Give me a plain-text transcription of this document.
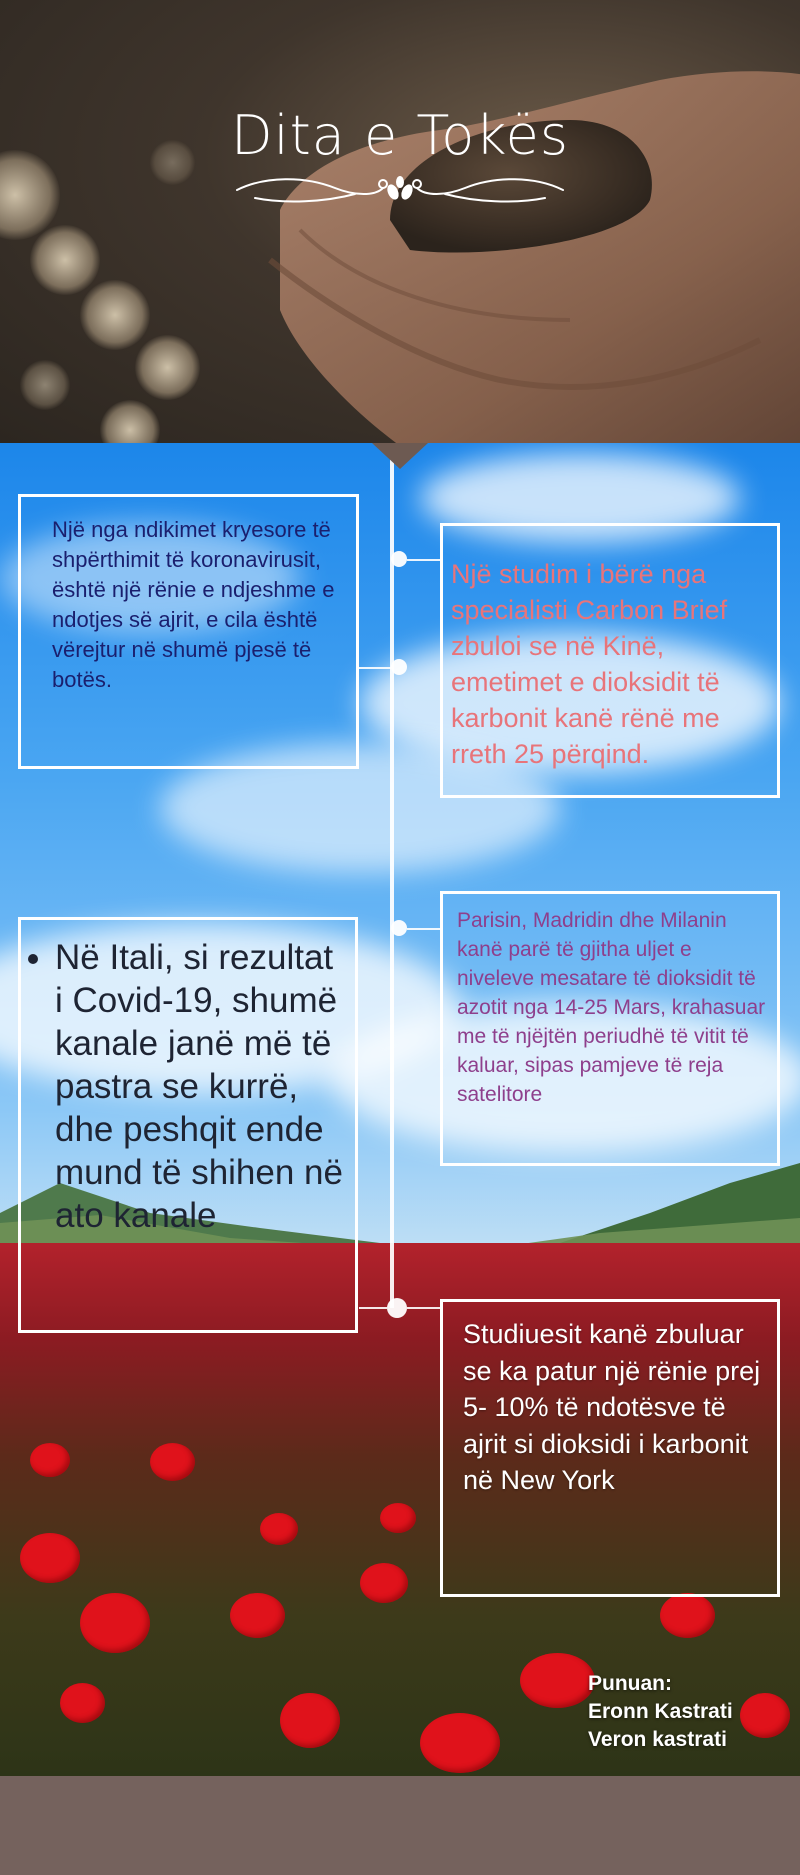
Dita e Tokës

Një nga ndikimet kryesore të shpërthimit të koronavirusit, është një rënie e ndjeshme e ndotjes së ajrit, e cila është vërejtur në shumë pjesë të botës.

Një studim i bërë nga specialisti Carbon Brief zbuloi se në Kinë, emetimet e dioksidit të karbonit kanë rënë me rreth 25 përqind.

• Në Itali, si rezultat i Covid-19, shumë kanale janë më të pastra se kurrë, dhe peshqit ende mund të shihen në ato kanale

Parisin, Madridin dhe Milanin kanë parë të gjitha uljet e niveleve mesatare të dioksidit të azotit nga 14-25 Mars, krahasuar me të njëjtën periudhë të vitit të kaluar, sipas pamjeve të reja satelitore

Studiuesit kanë zbuluar se ka patur një rënie prej 5- 10% të ndotësve të ajrit si dioksidi i karbonit në New York

Punuan:
Eronn Kastrati
Veron kastrati
